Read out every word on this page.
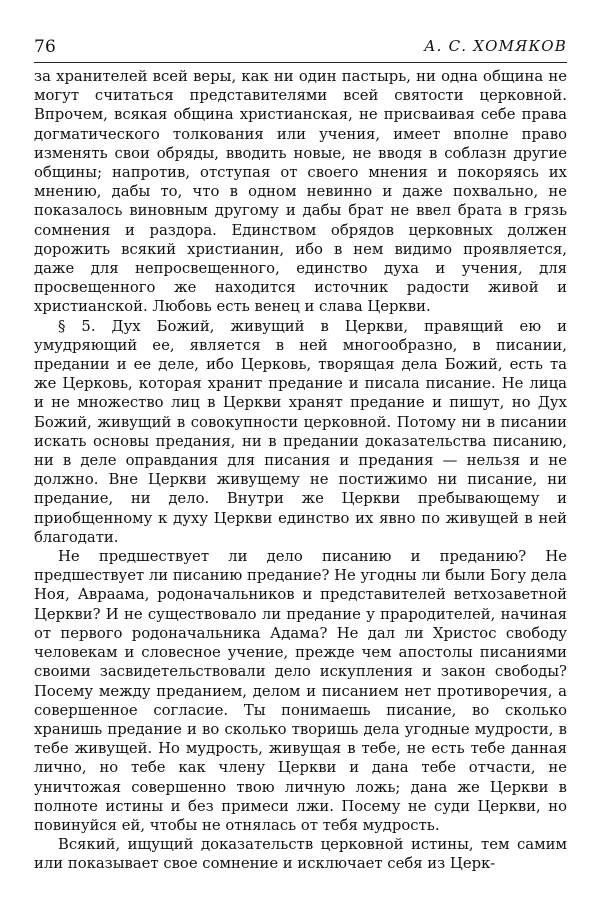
76	А. С. ХОМЯКОВ

за хранителей всей веры, как ни один пастырь, ни одна община не могут считаться представителями всей святости церковной. Впрочем, всякая община христианская, не присваивая себе права догматического толкования или учения, имеет вполне право изменять свои обряды, вводить новые, не вводя в соблазн другие общины; напротив, отступая от своего мнения и покоряясь их мнению, дабы то, что в одном невинно и даже похвально, не показалось виновным другому и дабы брат не ввел брата в грязь сомнения и раздора. Единством обрядов церковных должен дорожить всякий христианин, ибо в нем видимо проявляется, даже для непросвещенного, единство духа и учения, для просвещенного же находится источник радости живой и христианской. Любовь есть венец и слава Церкви.

§ 5. Дух Божий, живущий в Церкви, правящий ею и умудряющий ее, является в ней многообразно, в писании, предании и ее деле, ибо Церковь, творящая дела Божий, есть та же Церковь, которая хранит предание и писала писание. Не лица и не множество лиц в Церкви хранят предание и пишут, но Дух Божий, живущий в совокупности церковной. Потому ни в писании искать основы предания, ни в предании доказательства писанию, ни в деле оправдания для писания и предания — нельзя и не должно. Вне Церкви живущему не постижимо ни писание, ни предание, ни дело. Внутри же Церкви пребывающему и приобщенному к духу Церкви единство их явно по живущей в ней благодати.

Не предшествует ли дело писанию и преданию? Не предшествует ли писанию предание? Не угодны ли были Богу дела Ноя, Авраама, родоначальников и представителей ветхозаветной Церкви? И не существовало ли предание у прародителей, начиная от первого родоначальника Адама? Не дал ли Христос свободу человекам и словесное учение, прежде чем апостолы писаниями своими засвидетельствовали дело искупления и закон свободы? Посему между преданием, делом и писанием нет противоречия, а совершенное согласие. Ты понимаешь писание, во сколько хранишь предание и во сколько творишь дела угодные мудрости, в тебе живущей. Но мудрость, живущая в тебе, не есть тебе данная лично, но тебе как члену Церкви и дана тебе отчасти, не уничтожая совершенно твою личную ложь; дана же Церкви в полноте истины и без примеси лжи. Посему не суди Церкви, но повинуйся ей, чтобы не отнялась от тебя мудрость.

Всякий, ищущий доказательств церковной истины, тем самим или показывает свое сомнение и исключает себя из Церк-
